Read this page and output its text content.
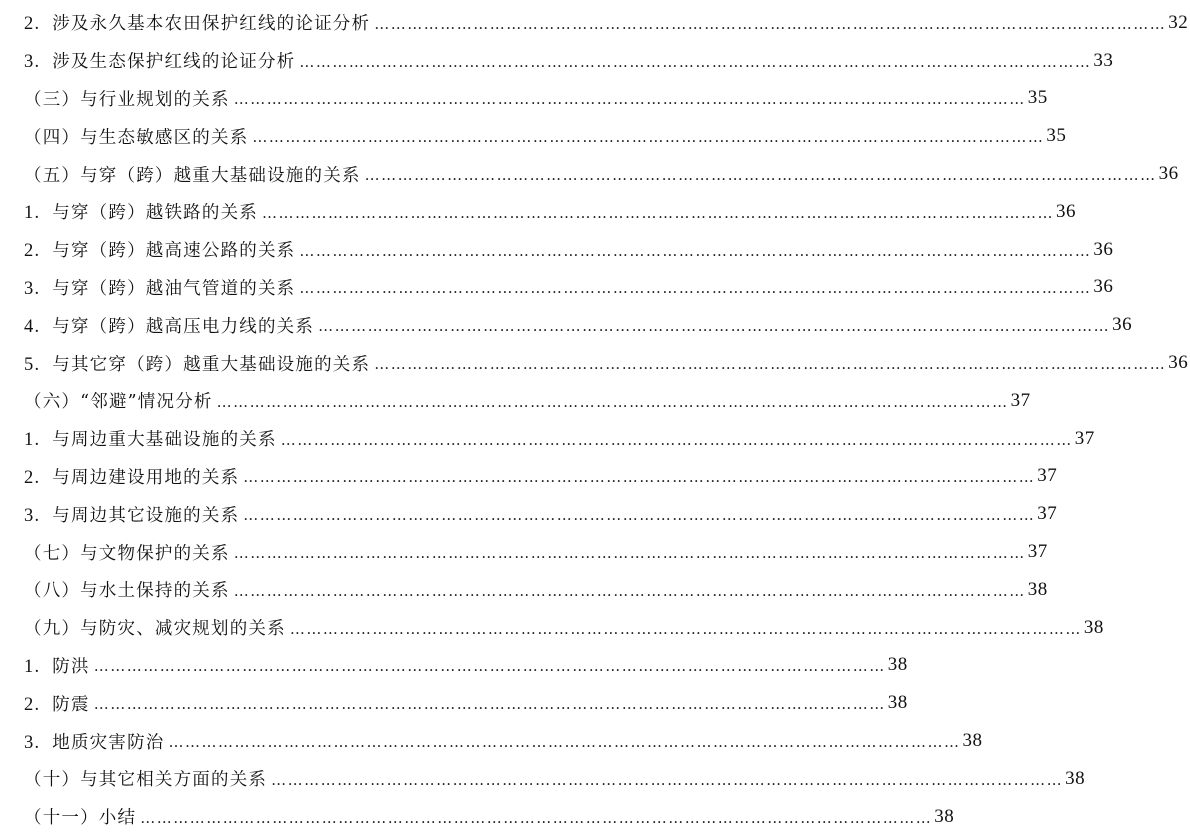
2. 涉及永久基本农田保护红线的论证分析 ……………………………………………………………………………………………………………………………… 32
3. 涉及生态保护红线的论证分析 ……………………………………………………………………………………………………………………………… 33
（三）与行业规划的关系 ……………………………………………………………………………………………………………………………… 35
（四）与生态敏感区的关系 ……………………………………………………………………………………………………………………………… 35
（五）与穿（跨）越重大基础设施的关系 ……………………………………………………………………………………………………………………………… 36
1. 与穿（跨）越铁路的关系 ……………………………………………………………………………………………………………………………… 36
2. 与穿（跨）越高速公路的关系 ……………………………………………………………………………………………………………………………… 36
3. 与穿（跨）越油气管道的关系 ……………………………………………………………………………………………………………………………… 36
4. 与穿（跨）越高压电力线的关系 ……………………………………………………………………………………………………………………………… 36
5. 与其它穿（跨）越重大基础设施的关系 ……………………………………………………………………………………………………………………………… 36
（六）“邻避”情况分析 ……………………………………………………………………………………………………………………………… 37
1. 与周边重大基础设施的关系 ……………………………………………………………………………………………………………………………… 37
2. 与周边建设用地的关系 ……………………………………………………………………………………………………………………………… 37
3. 与周边其它设施的关系 ……………………………………………………………………………………………………………………………… 37
（七）与文物保护的关系 ……………………………………………………………………………………………………………………………… 37
（八）与水土保持的关系 ……………………………………………………………………………………………………………………………… 38
（九）与防灾、减灾规划的关系 ……………………………………………………………………………………………………………………………… 38
1. 防洪 ……………………………………………………………………………………………………………………………… 38
2. 防震 ……………………………………………………………………………………………………………………………… 38
3. 地质灾害防治 ……………………………………………………………………………………………………………………………… 38
（十）与其它相关方面的关系 ……………………………………………………………………………………………………………………………… 38
（十一）小结 ……………………………………………………………………………………………………………………………… 38
